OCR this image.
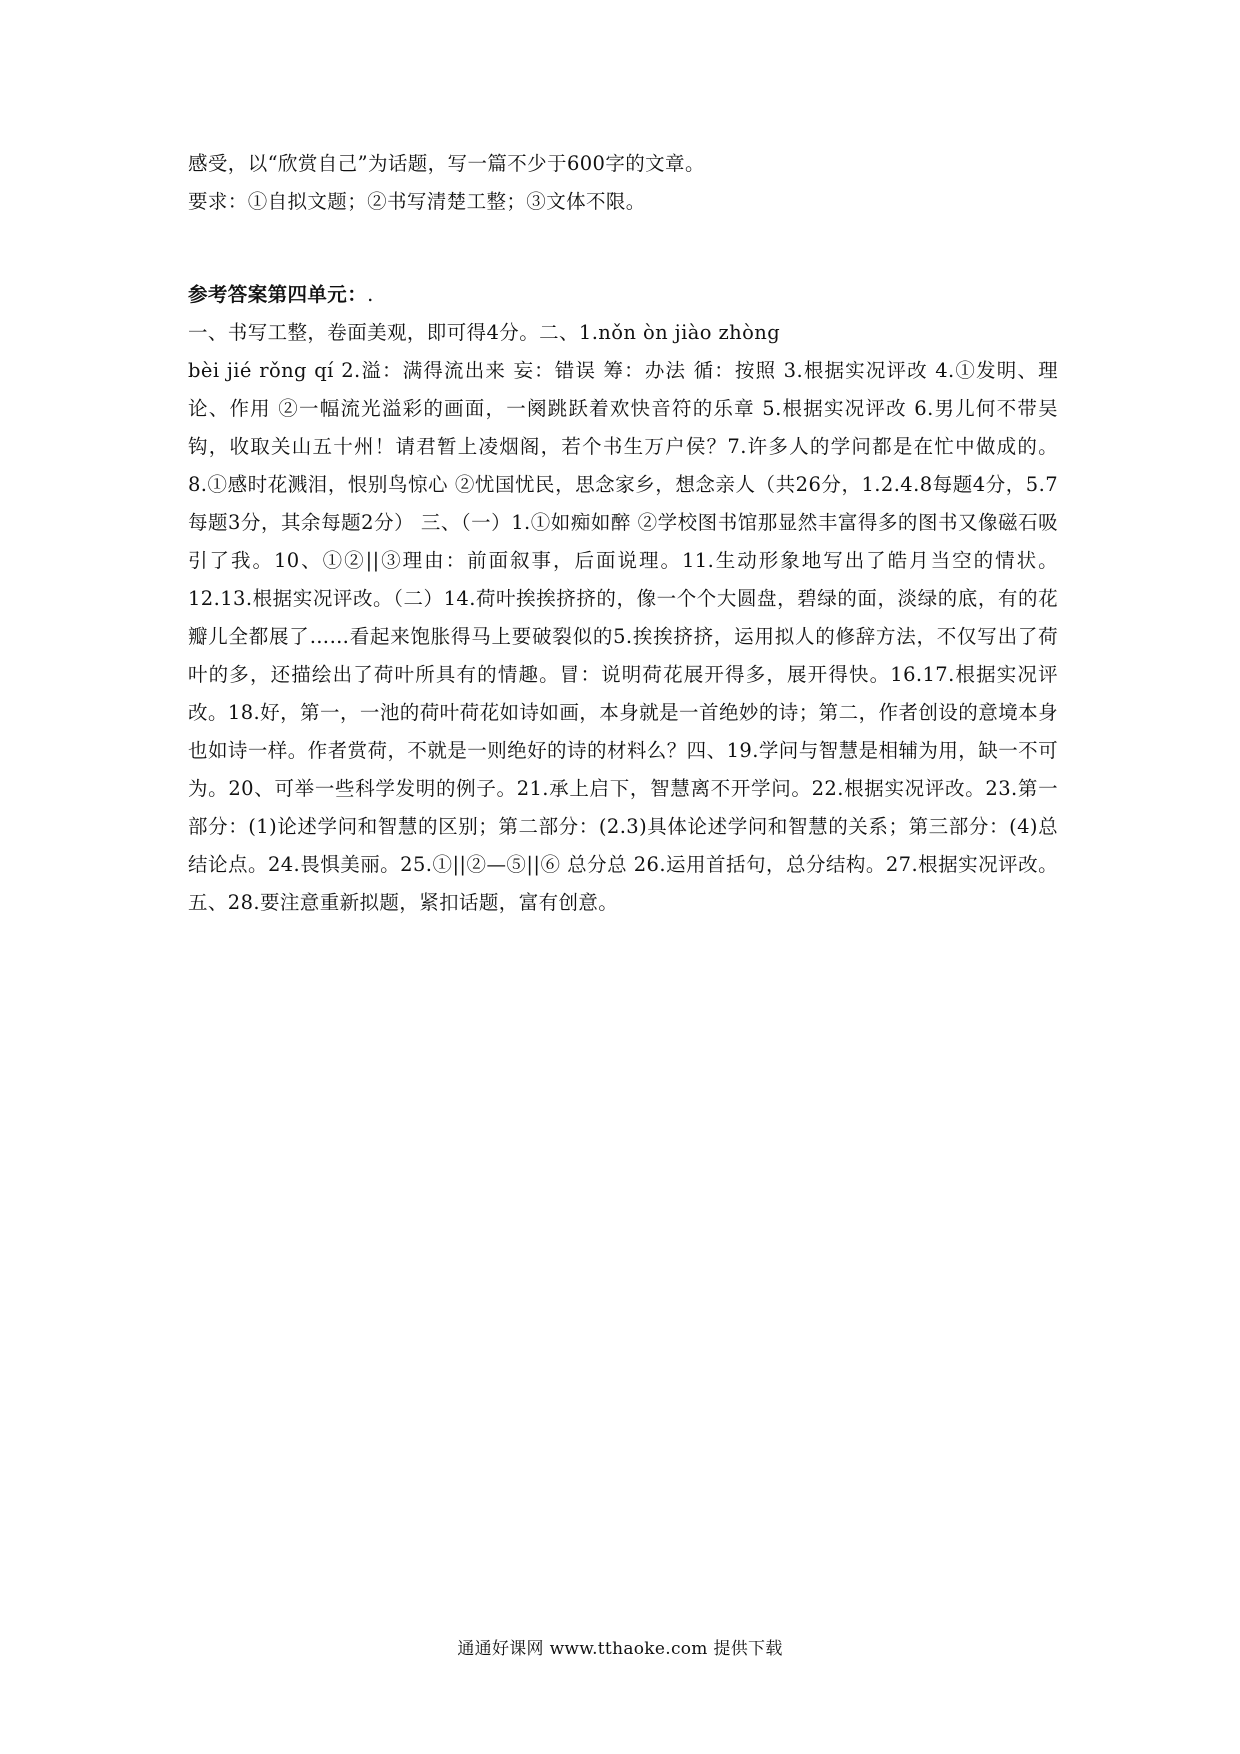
感受，以“欣赏自己”为话题，写一篇不少于600字的文章。

要求：①自拟文题；②书写清楚工整；③文体不限。

参考答案第四单元：.

一、书写工整，卷面美观，即可得4分。二、1.nǒn òn jiào zhòng

bèi jié rǒng qí 2.溢：满得流出来 妄：错误 筹：办法 循：按照 3.根据实况评改 4.①发明、理论、作用 ②一幅流光溢彩的画面，一阕跳跃着欢快音符的乐章 5.根据实况评改 6.男儿何不带吴钩，收取关山五十州！请君暂上凌烟阁，若个书生万户侯？7.许多人的学问都是在忙中做成的。8.①感时花溅泪，恨别鸟惊心 ②忧国忧民，思念家乡，想念亲人（共26分，1.2.4.8每题4分，5.7每题3分，其余每题2分） 三、（一）1.①如痴如醉 ②学校图书馆那显然丰富得多的图书又像磁石吸引了我。10、①②||③理由：前面叙事，后面说理。11.生动形象地写出了皓月当空的情状。12.13.根据实况评改。（二）14.荷叶挨挨挤挤的，像一个个大圆盘，碧绿的面，淡绿的底，有的花瓣儿全都展了……看起来饱胀得马上要破裂似的5.挨挨挤挤，运用拟人的修辞方法，不仅写出了荷叶的多，还描绘出了荷叶所具有的情趣。冒：说明荷花展开得多，展开得快。16.17.根据实况评改。18.好，第一，一池的荷叶荷花如诗如画，本身就是一首绝妙的诗；第二，作者创设的意境本身也如诗一样。作者赏荷，不就是一则绝好的诗的材料么？四、19.学问与智慧是相辅为用，缺一不可为。20、可举一些科学发明的例子。21.承上启下，智慧离不开学问。22.根据实况评改。23.第一部分：(1)论述学问和智慧的区别；第二部分：(2.3)具体论述学问和智慧的关系；第三部分：(4)总结论点。24.畏惧美丽。25.①||②—⑤||⑥ 总分总 26.运用首括句，总分结构。27.根据实况评改。五、28.要注意重新拟题，紧扣话题，富有创意。

通通好课网 www.tthaoke.com 提供下载
